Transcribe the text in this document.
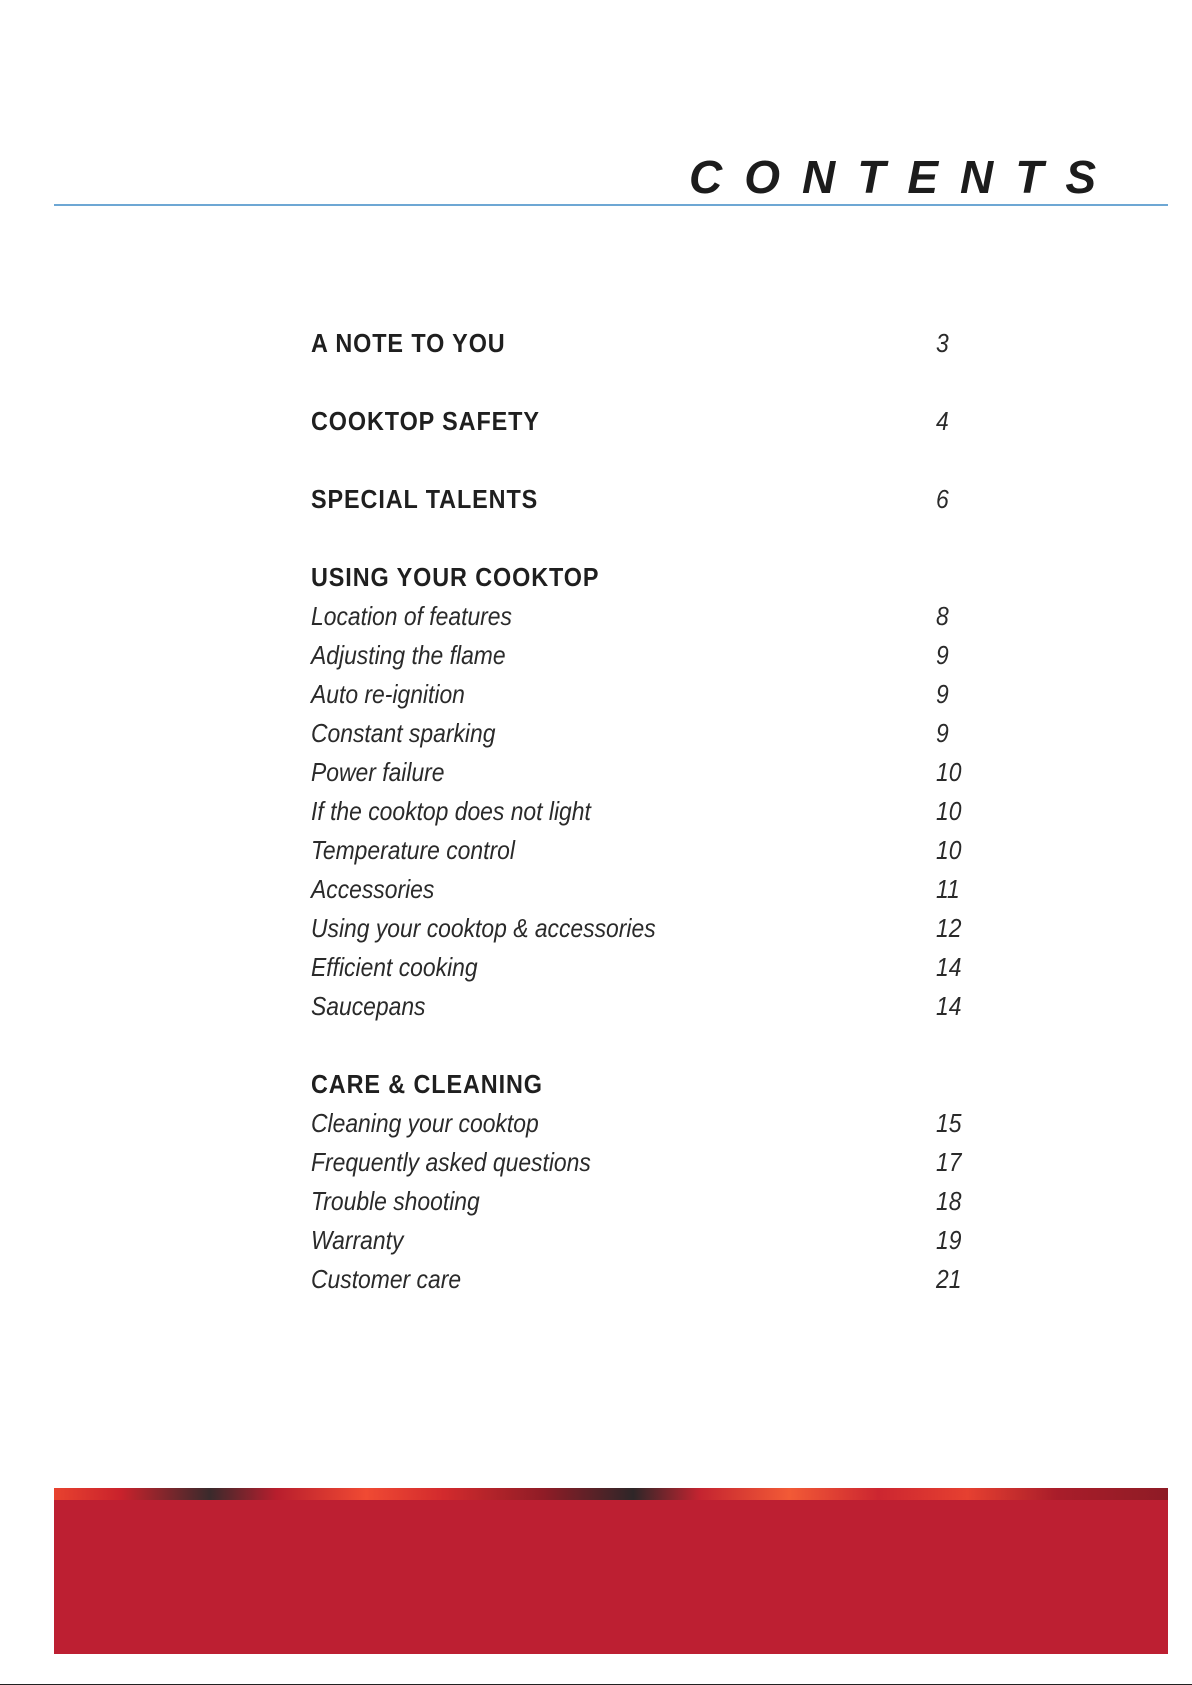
CONTENTS
A NOTE TO YOU	3
COOKTOP SAFETY	4
SPECIAL TALENTS	6
USING YOUR COOKTOP
Location of features	8
Adjusting the flame	9
Auto re-ignition	9
Constant sparking	9
Power failure	10
If the cooktop does not light	10
Temperature control	10
Accessories	11
Using your cooktop & accessories	12
Efficient cooking	14
Saucepans	14
CARE & CLEANING
Cleaning your cooktop	15
Frequently asked questions	17
Trouble shooting	18
Warranty	19
Customer care	21
